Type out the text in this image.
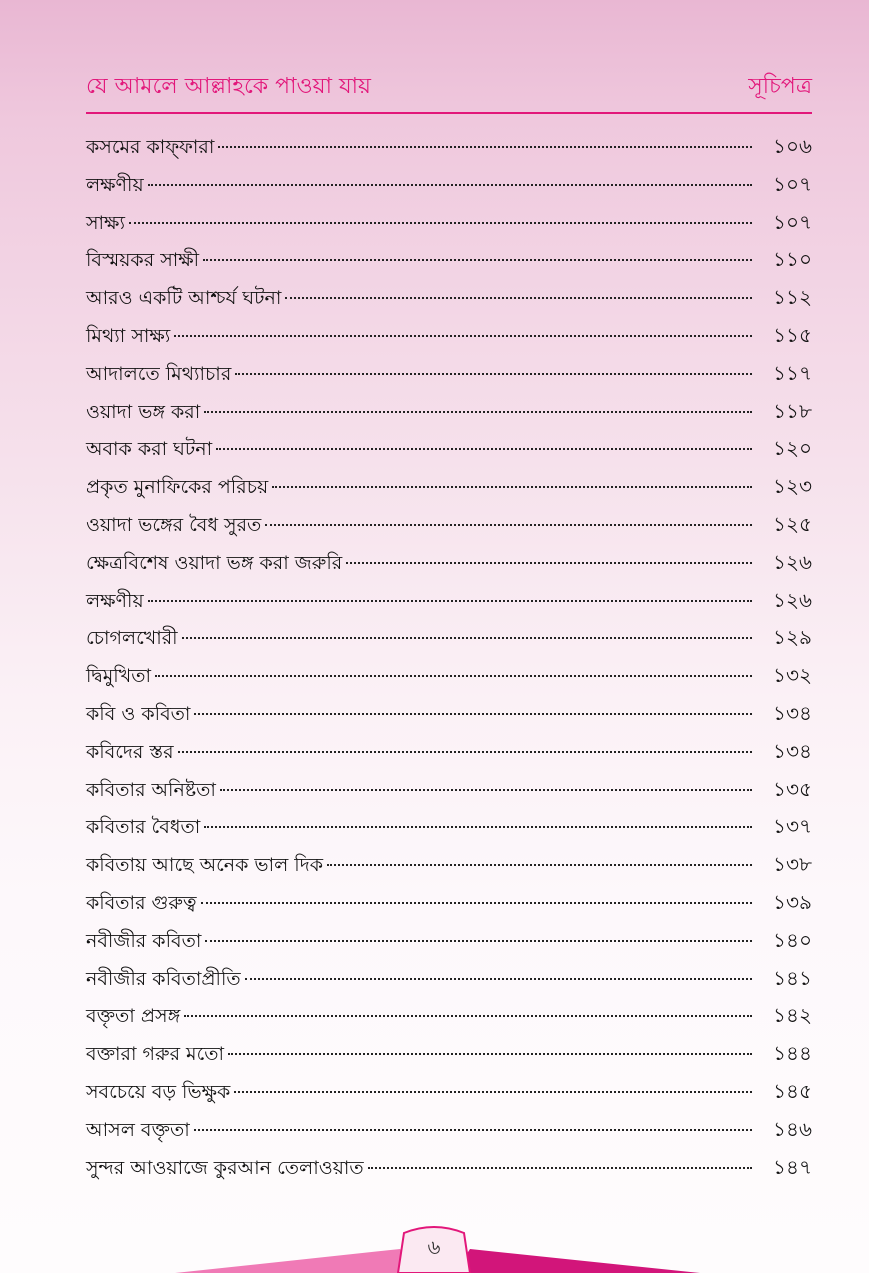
যে আমলে আল্লাহকে পাওয়া যায়	সূচিপত্র
কসমের কাফ্‌ফারা	১০৬
লক্ষণীয়	১০৭
সাক্ষ্য	১০৭
বিস্ময়কর সাক্ষী	১১০
আরও একটি আশ্চর্য ঘটনা	১১২
মিথ্যা সাক্ষ্য	১১৫
আদালতে মিথ্যাচার	১১৭
ওয়াদা ভঙ্গ করা	১১৮
অবাক করা ঘটনা	১২০
প্রকৃত মুনাফিকের পরিচয়	১২৩
ওয়াদা ভঙ্গের বৈধ সুরত	১২৫
ক্ষেত্রবিশেষ ওয়াদা ভঙ্গ করা জরুরি	১২৬
লক্ষণীয়	১২৬
চোগলখোরী	১২৯
দ্বিমুখিতা	১৩২
কবি ও কবিতা	১৩৪
কবিদের স্তর	১৩৪
কবিতার অনিষ্টতা	১৩৫
কবিতার বৈধতা	১৩৭
কবিতায় আছে অনেক ভাল দিক	১৩৮
কবিতার গুরুত্ব	১৩৯
নবীজীর কবিতা	১৪০
নবীজীর কবিতাপ্রীতি	১৪১
বক্তৃতা প্রসঙ্গ	১৪২
বক্তারা গরুর মতো	১৪৪
সবচেয়ে বড় ভিক্ষুক	১৪৫
আসল বক্তৃতা	১৪৬
সুন্দর আওয়াজে কুরআন তেলাওয়াত	১৪৭
৬
